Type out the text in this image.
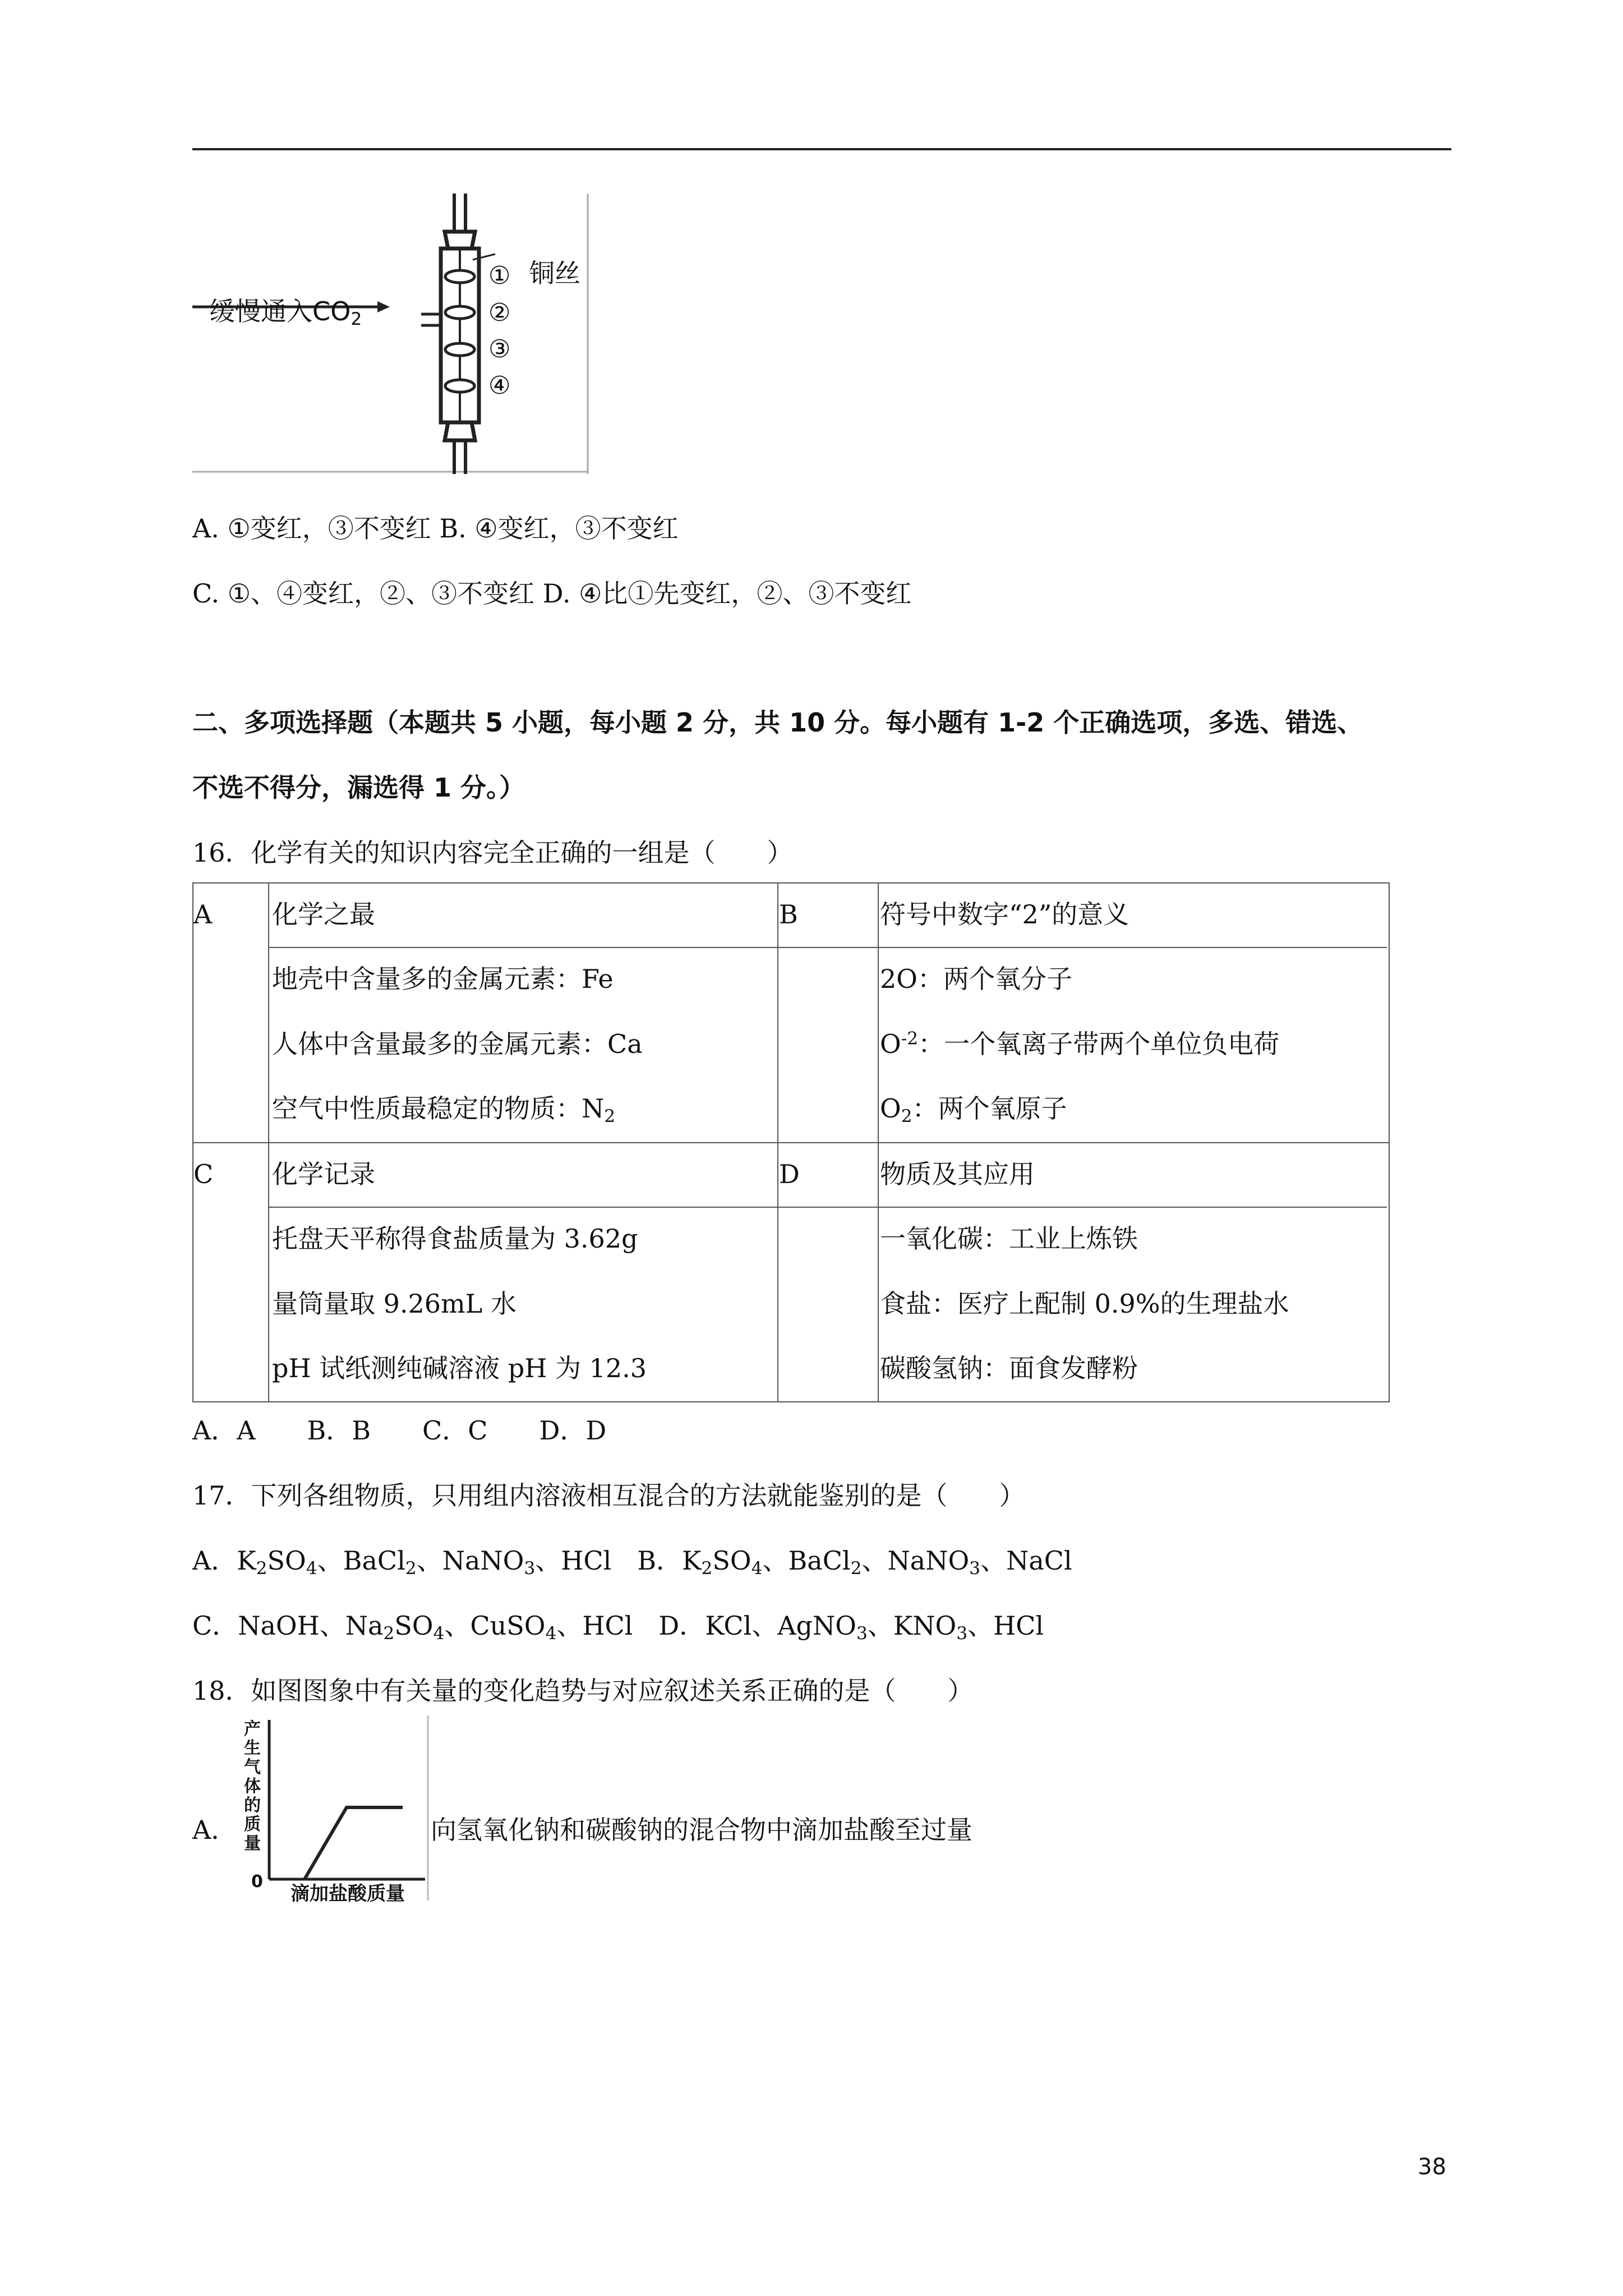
缓慢通入$CO_2$
铜丝
①
②
③
④
A. ①变红，③不变红 B. ④变红，③不变红
C. ①、④变红，②、③不变红 D. ④比①先变红，②、③不变红
二、多项选择题（本题共 5 小题，每小题 2 分，共 10 分。每小题有 1-2 个正确选项，多选、错选、
不选不得分，漏选得 1 分。）
16．化学有关的知识内容完全正确的一组是（　　）
A 化学之最
地壳中含量多的金属元素：Fe
人体中含量最多的金属元素：Ca
空气中性质最稳定的物质：$N_2$
B	符号中数字“2”的意义
2O：两个氧分子
$O^{-2}$：一个氧离子带两个单位负电荷
$O_2$：两个氧原子
C 化学记录
托盘天平称得食盐质量为 3.62g
量筒量取 9.26mL 水
pH 试纸测纯碱溶液 pH 为 12.3
D	物质及其应用
一氧化碳：工业上炼铁
食盐：医疗上配制 0.9%的生理盐水
碳酸氢钠：面食发酵粉
A．A　　B．B　　C．C　　D．D
17．下列各组物质，只用组内溶液相互混合的方法就能鉴别的是（　　）
A．$K_2SO_4$、BaCl$_2$、NaNO$_3$、HCl　B．$K_2SO_4$、BaCl$_2$、NaNO$_3$、NaCl
C．NaOH、$Na_2SO_4$、CuSO$_4$、HCl　D．KCl、AgNO$_3$、$KNO_3$、HCl
18．如图图象中有关量的变化趋势与对应叙述关系正确的是（　　）
A．
产生气体的质量
0
滴加盐酸质量
向氢氧化钠和碳酸钠的混合物中滴加盐酸至过量
38
